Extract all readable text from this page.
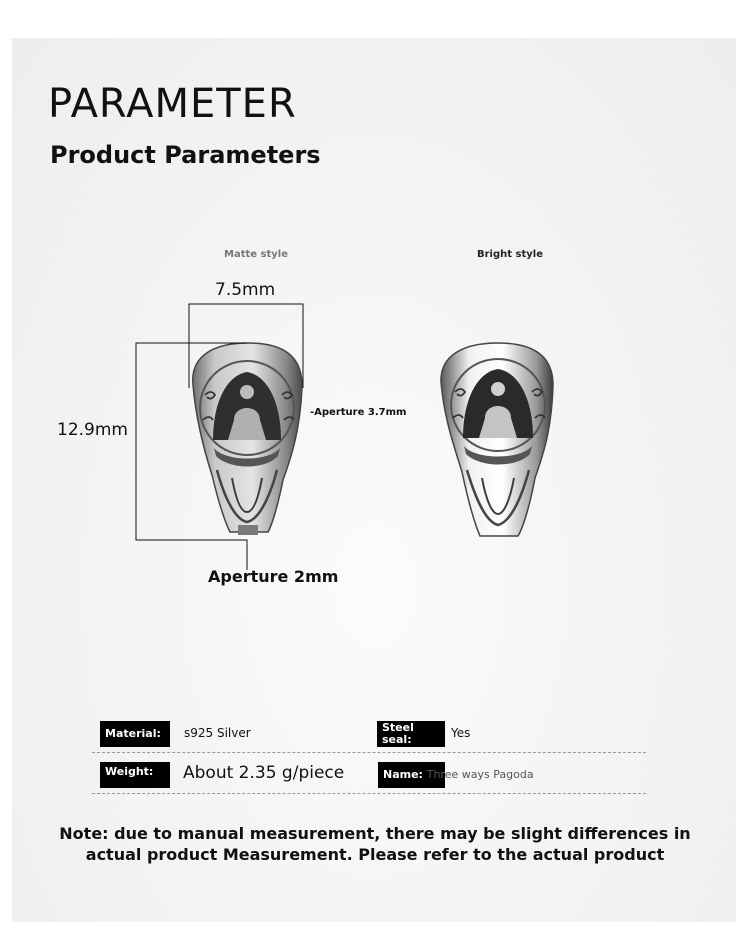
PARAMETER
Product Parameters
Matte style	Bright style
7.5mm
12.9mm
-Aperture 3.7mm
Aperture 2mm
Material:	s925 Silver	Steel seal:	Yes
Weight:	About 2.35 g/piece	Name: Three ways Pagoda
Note: due to manual measurement, there may be slight differences in
actual product Measurement. Please refer to the actual product
